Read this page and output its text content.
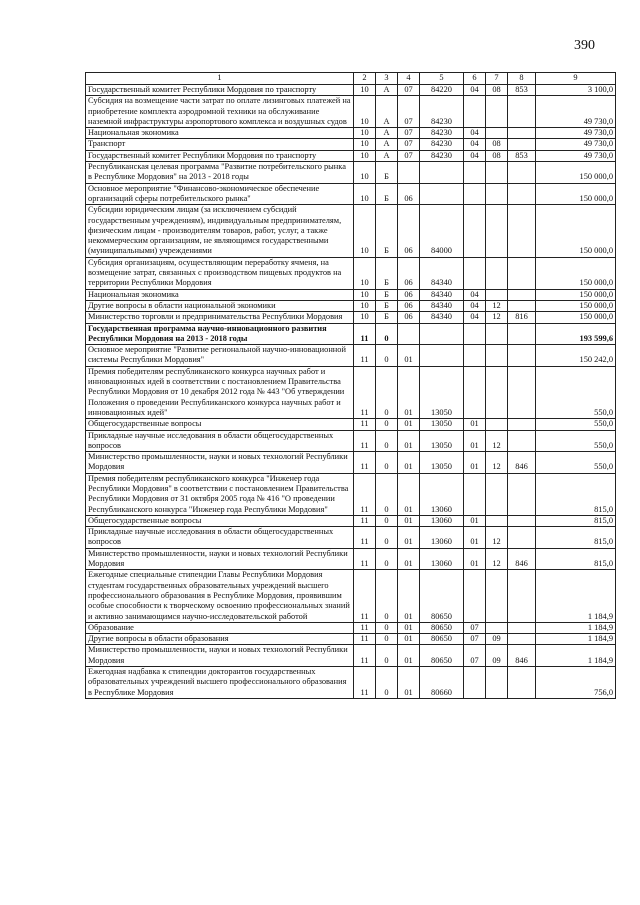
390
1	2	3	4	5	6	7	8	9
Государственный комитет Республики Мордовия по транспорту	10	А	07	84220	04	08	853	3 100,0
Субсидия на возмещение части затрат по оплате лизинговых платежей на приобретение комплекта аэродромной техники на обслуживание наземной инфраструктуры аэропортового комплекса и воздушных судов	10	А	07	84230				49 730,0
Национальная экономика	10	А	07	84230	04			49 730,0
Транспорт	10	А	07	84230	04	08		49 730,0
Государственный комитет Республики Мордовия по транспорту	10	А	07	84230	04	08	853	49 730,0
Республиканская целевая программа "Развитие потребительского рынка в Республике Мордовия" на 2013 - 2018 годы	10	Б						150 000,0
Основное мероприятие "Финансово-экономическое обеспечение организаций сферы потребительского рынка"	10	Б	06					150 000,0
Субсидии юридическим лицам (за исключением субсидий государственным учреждениям), индивидуальным предпринимателям, физическим лицам - производителям товаров, работ, услуг, а также некоммерческим организациям, не являющимся государственными (муниципальными) учреждениями	10	Б	06	84000				150 000,0
Субсидия организациям, осуществляющим переработку ячменя, на возмещение затрат, связанных с производством пищевых продуктов на территории Республики Мордовия	10	Б	06	84340				150 000,0
Национальная экономика	10	Б	06	84340	04			150 000,0
Другие вопросы в области национальной экономики	10	Б	06	84340	04	12		150 000,0
Министерство торговли и предпринимательства Республики Мордовия	10	Б	06	84340	04	12	816	150 000,0
Государственная программа научно-инновационного развития Республики Мордовия на 2013 - 2018 годы	11	0						193 599,6
Основное мероприятие "Развитие региональной научно-инновационной системы Республики Мордовия"	11	0	01					150 242,0
Премия победителям республиканского конкурса научных работ и инновационных идей в соответствии с постановлением Правительства Республики Мордовия от 10 декабря 2012 года № 443 "Об утверждении Положения о проведении Республиканского конкурса научных работ и инновационных идей"	11	0	01	13050				550,0
Общегосударственные вопросы	11	0	01	13050	01			550,0
Прикладные научные исследования в области общегосударственных вопросов	11	0	01	13050	01	12		550,0
Министерство промышленности, науки и новых технологий Республики Мордовия	11	0	01	13050	01	12	846	550,0
Премия победителям республиканского конкурса "Инженер года Республики Мордовия" в соответствии с постановлением Правительства Республики Мордовия от 31 октября 2005 года № 416 "О проведении Республиканского конкурса "Инженер года Республики Мордовия"	11	0	01	13060				815,0
Общегосударственные вопросы	11	0	01	13060	01			815,0
Прикладные научные исследования в области общегосударственных вопросов	11	0	01	13060	01	12		815,0
Министерство промышленности, науки и новых технологий Республики Мордовия	11	0	01	13060	01	12	846	815,0
Ежегодные специальные стипендии Главы Республики Мордовия студентам государственных образовательных учреждений высшего профессионального образования в Республике Мордовия, проявившим особые способности к творческому освоению профессиональных знаний и активно занимающимся научно-исследовательской работой	11	0	01	80650				1 184,9
Образование	11	0	01	80650	07			1 184,9
Другие вопросы в области образования	11	0	01	80650	07	09		1 184,9
Министерство промышленности, науки и новых технологий Республики Мордовия	11	0	01	80650	07	09	846	1 184,9
Ежегодная надбавка к стипендии докторантов государственных образовательных учреждений высшего профессионального образования в Республике Мордовия	11	0	01	80660				756,0
